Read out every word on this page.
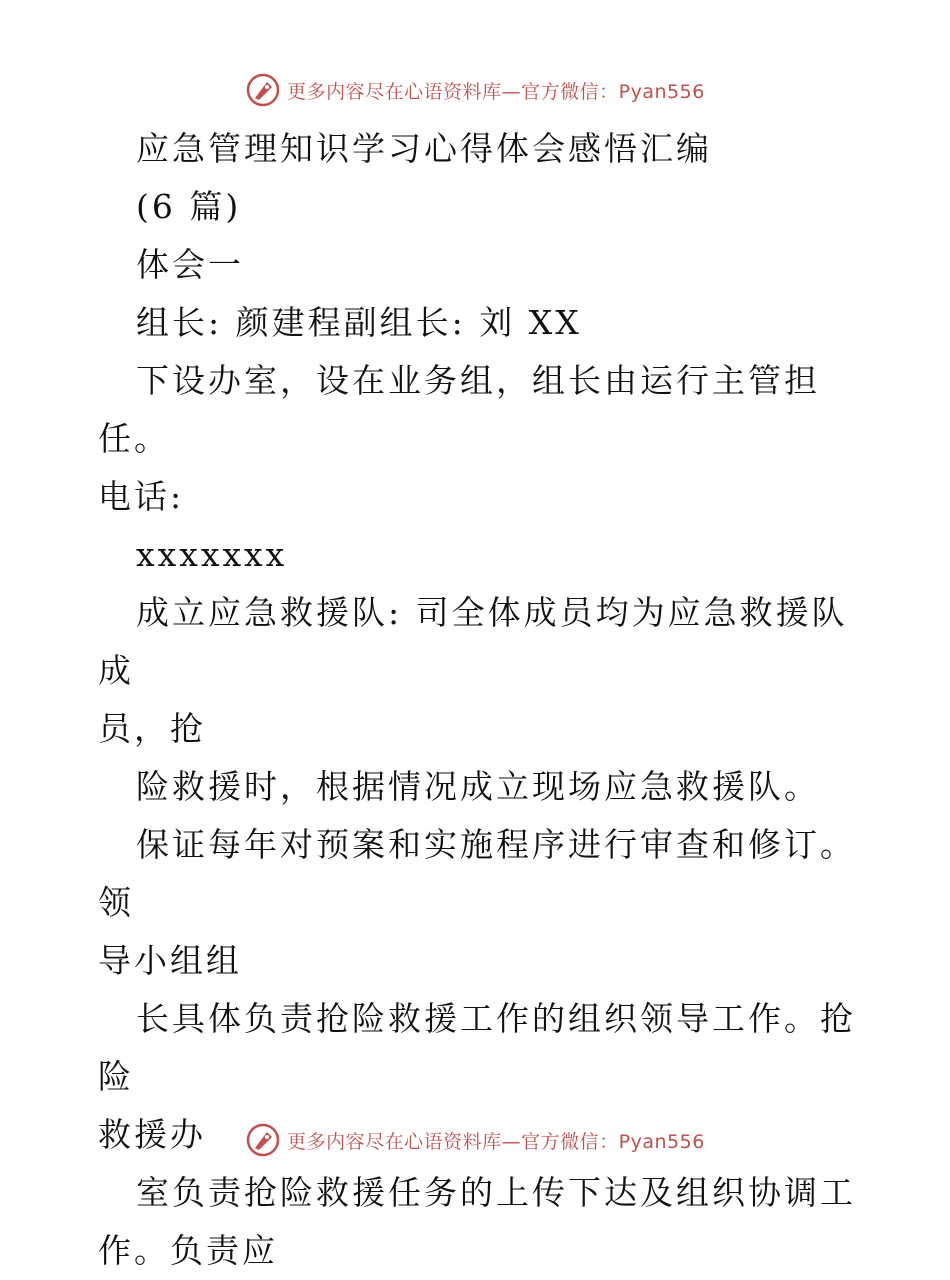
更多内容尽在心语资料库—官方微信：Pyan556

应急管理知识学习心得体会感悟汇编

(6 篇)

体会一

组长: 颜建程副组长: 刘 XX

下设办室，设在业务组，组长由运行主管担任。

电话:

xxxxxxx

成立应急救援队: 司全体成员均为应急救援队成

员，抢

险救援时，根据情况成立现场应急救援队。

保证每年对预案和实施程序进行审查和修订。领

导小组组

长具体负责抢险救援工作的组织领导工作。抢险

救援办

室负责抢险救援任务的上传下达及组织协调工

作。负责应

更多内容尽在心语资料库—官方微信：Pyan556
